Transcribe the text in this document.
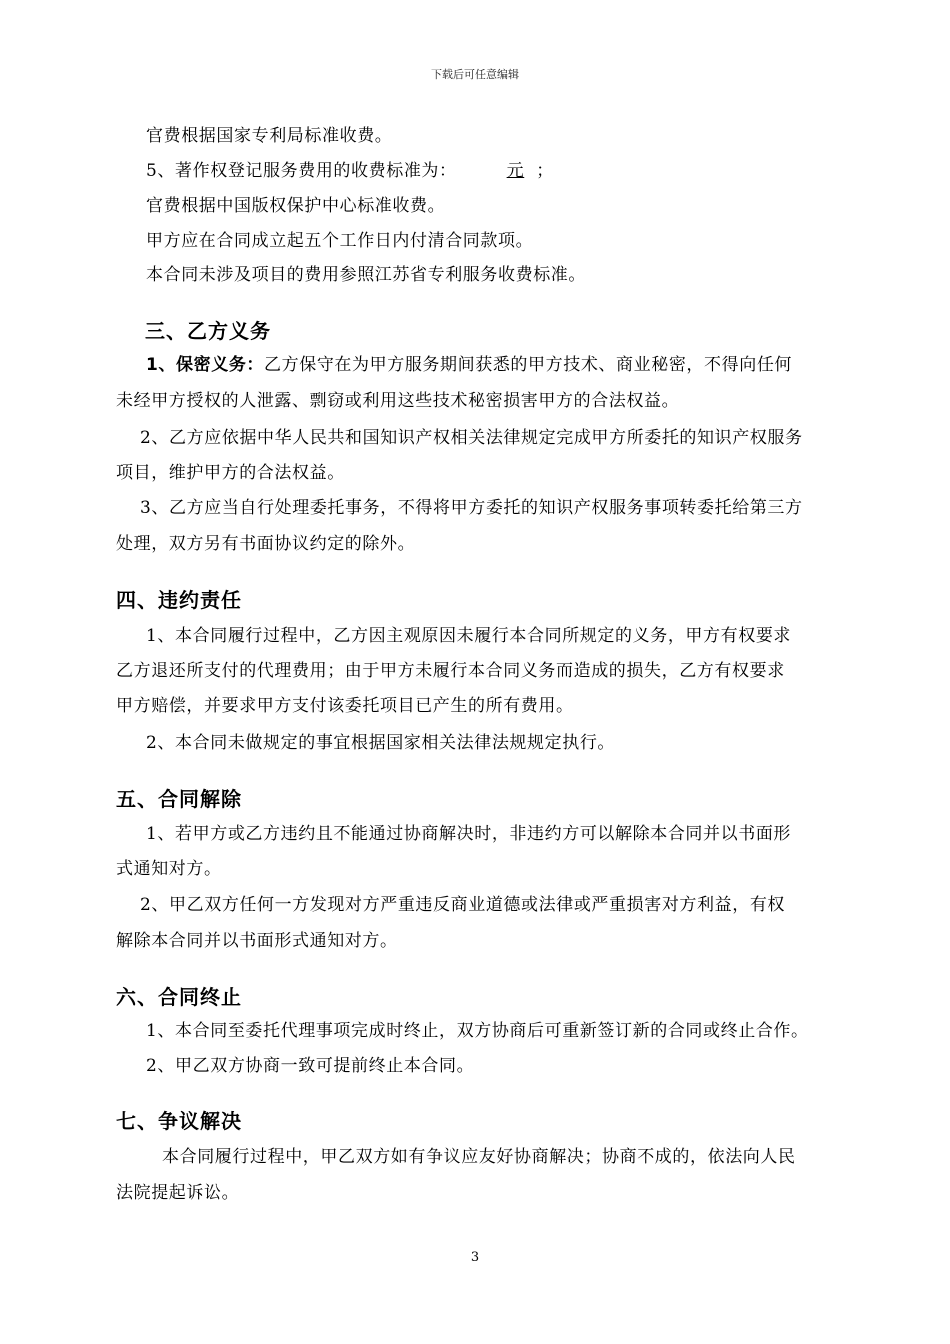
下载后可任意编辑
官费根据国家专利局标准收费。
5、著作权登记服务费用的收费标准为：	元 ；
官费根据中国版权保护中心标准收费。
甲方应在合同成立起五个工作日内付清合同款项。
本合同未涉及项目的费用参照江苏省专利服务收费标准。
三、乙方义务
1、保密义务：乙方保守在为甲方服务期间获悉的甲方技术、商业秘密，不得向任何
未经甲方授权的人泄露、剽窃或利用这些技术秘密损害甲方的合法权益。
2、乙方应依据中华人民共和国知识产权相关法律规定完成甲方所委托的知识产权服务
项目，维护甲方的合法权益。
3、乙方应当自行处理委托事务，不得将甲方委托的知识产权服务事项转委托给第三方
处理，双方另有书面协议约定的除外。
四、违约责任
1、本合同履行过程中，乙方因主观原因未履行本合同所规定的义务，甲方有权要求
乙方退还所支付的代理费用；由于甲方未履行本合同义务而造成的损失，乙方有权要求
甲方赔偿，并要求甲方支付该委托项目已产生的所有费用。
2、本合同未做规定的事宜根据国家相关法律法规规定执行。
五、合同解除
1、若甲方或乙方违约且不能通过协商解决时，非违约方可以解除本合同并以书面形
式通知对方。
2、甲乙双方任何一方发现对方严重违反商业道德或法律或严重损害对方利益，有权
解除本合同并以书面形式通知对方。
六、合同终止
1、本合同至委托代理事项完成时终止，双方协商后可重新签订新的合同或终止合作。
2、甲乙双方协商一致可提前终止本合同。
七、争议解决
本合同履行过程中，甲乙双方如有争议应友好协商解决；协商不成的，依法向人民
法院提起诉讼。
3
